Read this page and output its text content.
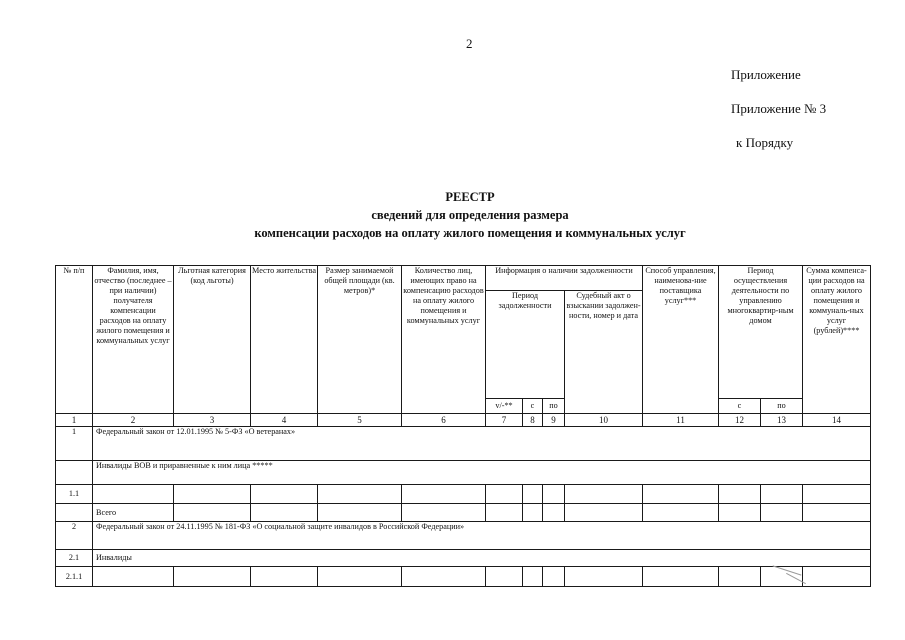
2
Приложение
Приложение № 3
к Порядку
РЕЕСТР
сведений для определения размера
компенсации расходов на оплату жилого помещения и коммунальных услуг
№ п/п	Фамилия, имя, отчество (последнее – при наличии) получателя компенсации расходов на оплату жилого помещения и коммунальных услуг	Льготная категория (код льготы)	Место жительства	Размер занимаемой общей площади (кв. метров)*	Количество лиц, имеющих право на компенсацию расходов на оплату жилого помещения и коммунальных услуг	Информация о наличии задолженности				Способ управления, наименова-ние поставщика услуг***	Период осуществления деятельности по управлению многоквартир-ным домом		Сумма компенса-ции расходов на оплату жилого помещения и коммуналь-ных услуг (рублей)****
						Период задолженности			Судебный акт о взыскании задолжен-ности, номер и дата				
						v/-**	с	по			с	по	
1	2	3	4	5	6	7	8	9	10	11	12	13	14
1	Федеральный закон от 12.01.1995 № 5-ФЗ «О ветеранах»												
	Инвалиды ВОВ и приравненные к ним лица *****												
1.1													
	Всего												
2	Федеральный закон от 24.11.1995 № 181-ФЗ «О социальной защите инвалидов в Российской Федерации»												
2.1	Инвалиды												
2.1.1													
